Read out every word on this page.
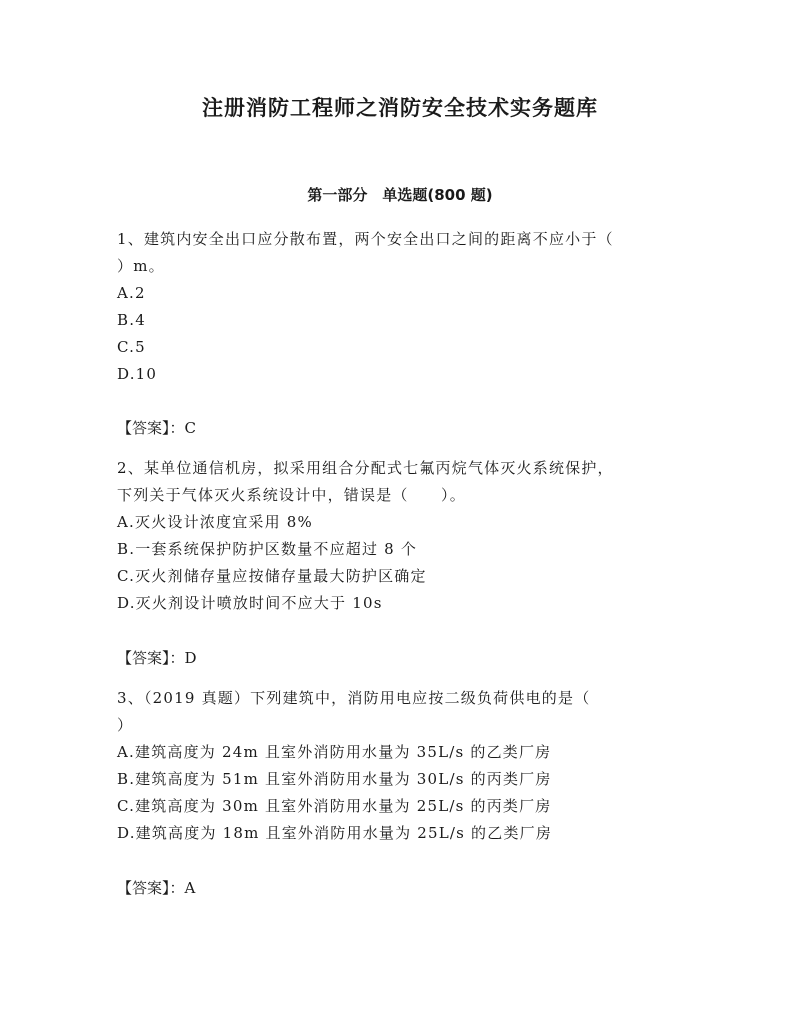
注册消防工程师之消防安全技术实务题库
第一部分　单选题(800 题)
1、建筑内安全出口应分散布置，两个安全出口之间的距离不应小于（
）m。
A.2
B.4
C.5
D.10
【答案】：C
2、某单位通信机房，拟采用组合分配式七氟丙烷气体灭火系统保护，
下列关于气体灭火系统设计中，错误是（　　）。
A.灭火设计浓度宜采用 8%
B.一套系统保护防护区数量不应超过 8 个
C.灭火剂储存量应按储存量最大防护区确定
D.灭火剂设计喷放时间不应大于 10s
【答案】：D
3、（2019 真题）下列建筑中，消防用电应按二级负荷供电的是（
）
A.建筑高度为 24m 且室外消防用水量为 35L/s 的乙类厂房
B.建筑高度为 51m 且室外消防用水量为 30L/s 的丙类厂房
C.建筑高度为 30m 且室外消防用水量为 25L/s 的丙类厂房
D.建筑高度为 18m 且室外消防用水量为 25L/s 的乙类厂房
【答案】：A
